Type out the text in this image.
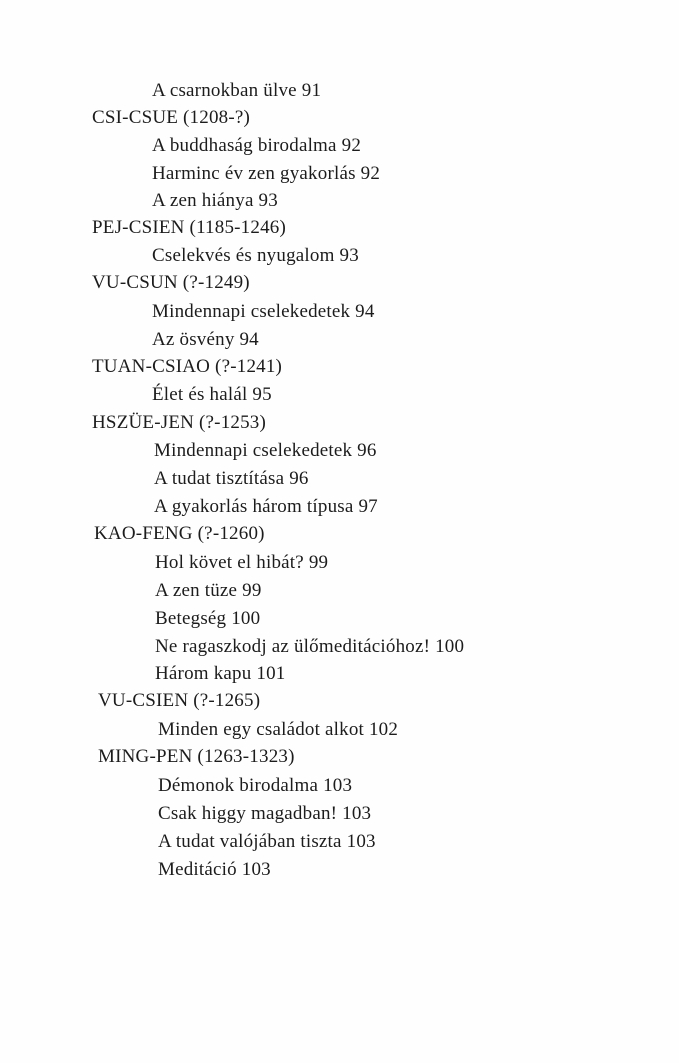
A csarnokban ülve 91
CSI-CSUE (1208-?)
A buddhaság birodalma 92
Harminc év zen gyakorlás 92
A zen hiánya 93
PEJ-CSIEN (1185-1246)
Cselekvés és nyugalom 93
VU-CSUN (?-1249)
Mindennapi cselekedetek 94
Az ösvény 94
TUAN-CSIAO (?-1241)
Élet és halál 95
HSZÜE-JEN (?-1253)
Mindennapi cselekedetek 96
A tudat tisztítása 96
A gyakorlás három típusa 97
KAO-FENG (?-1260)
Hol követ el hibát? 99
A zen tüze 99
Betegség 100
Ne ragaszkodj az ülőmeditációhoz! 100
Három kapu 101
VU-CSIEN (?-1265)
Minden egy családot alkot 102
MING-PEN (1263-1323)
Démonok birodalma 103
Csak higgy magadban! 103
A tudat valójában tiszta 103
Meditáció 103
